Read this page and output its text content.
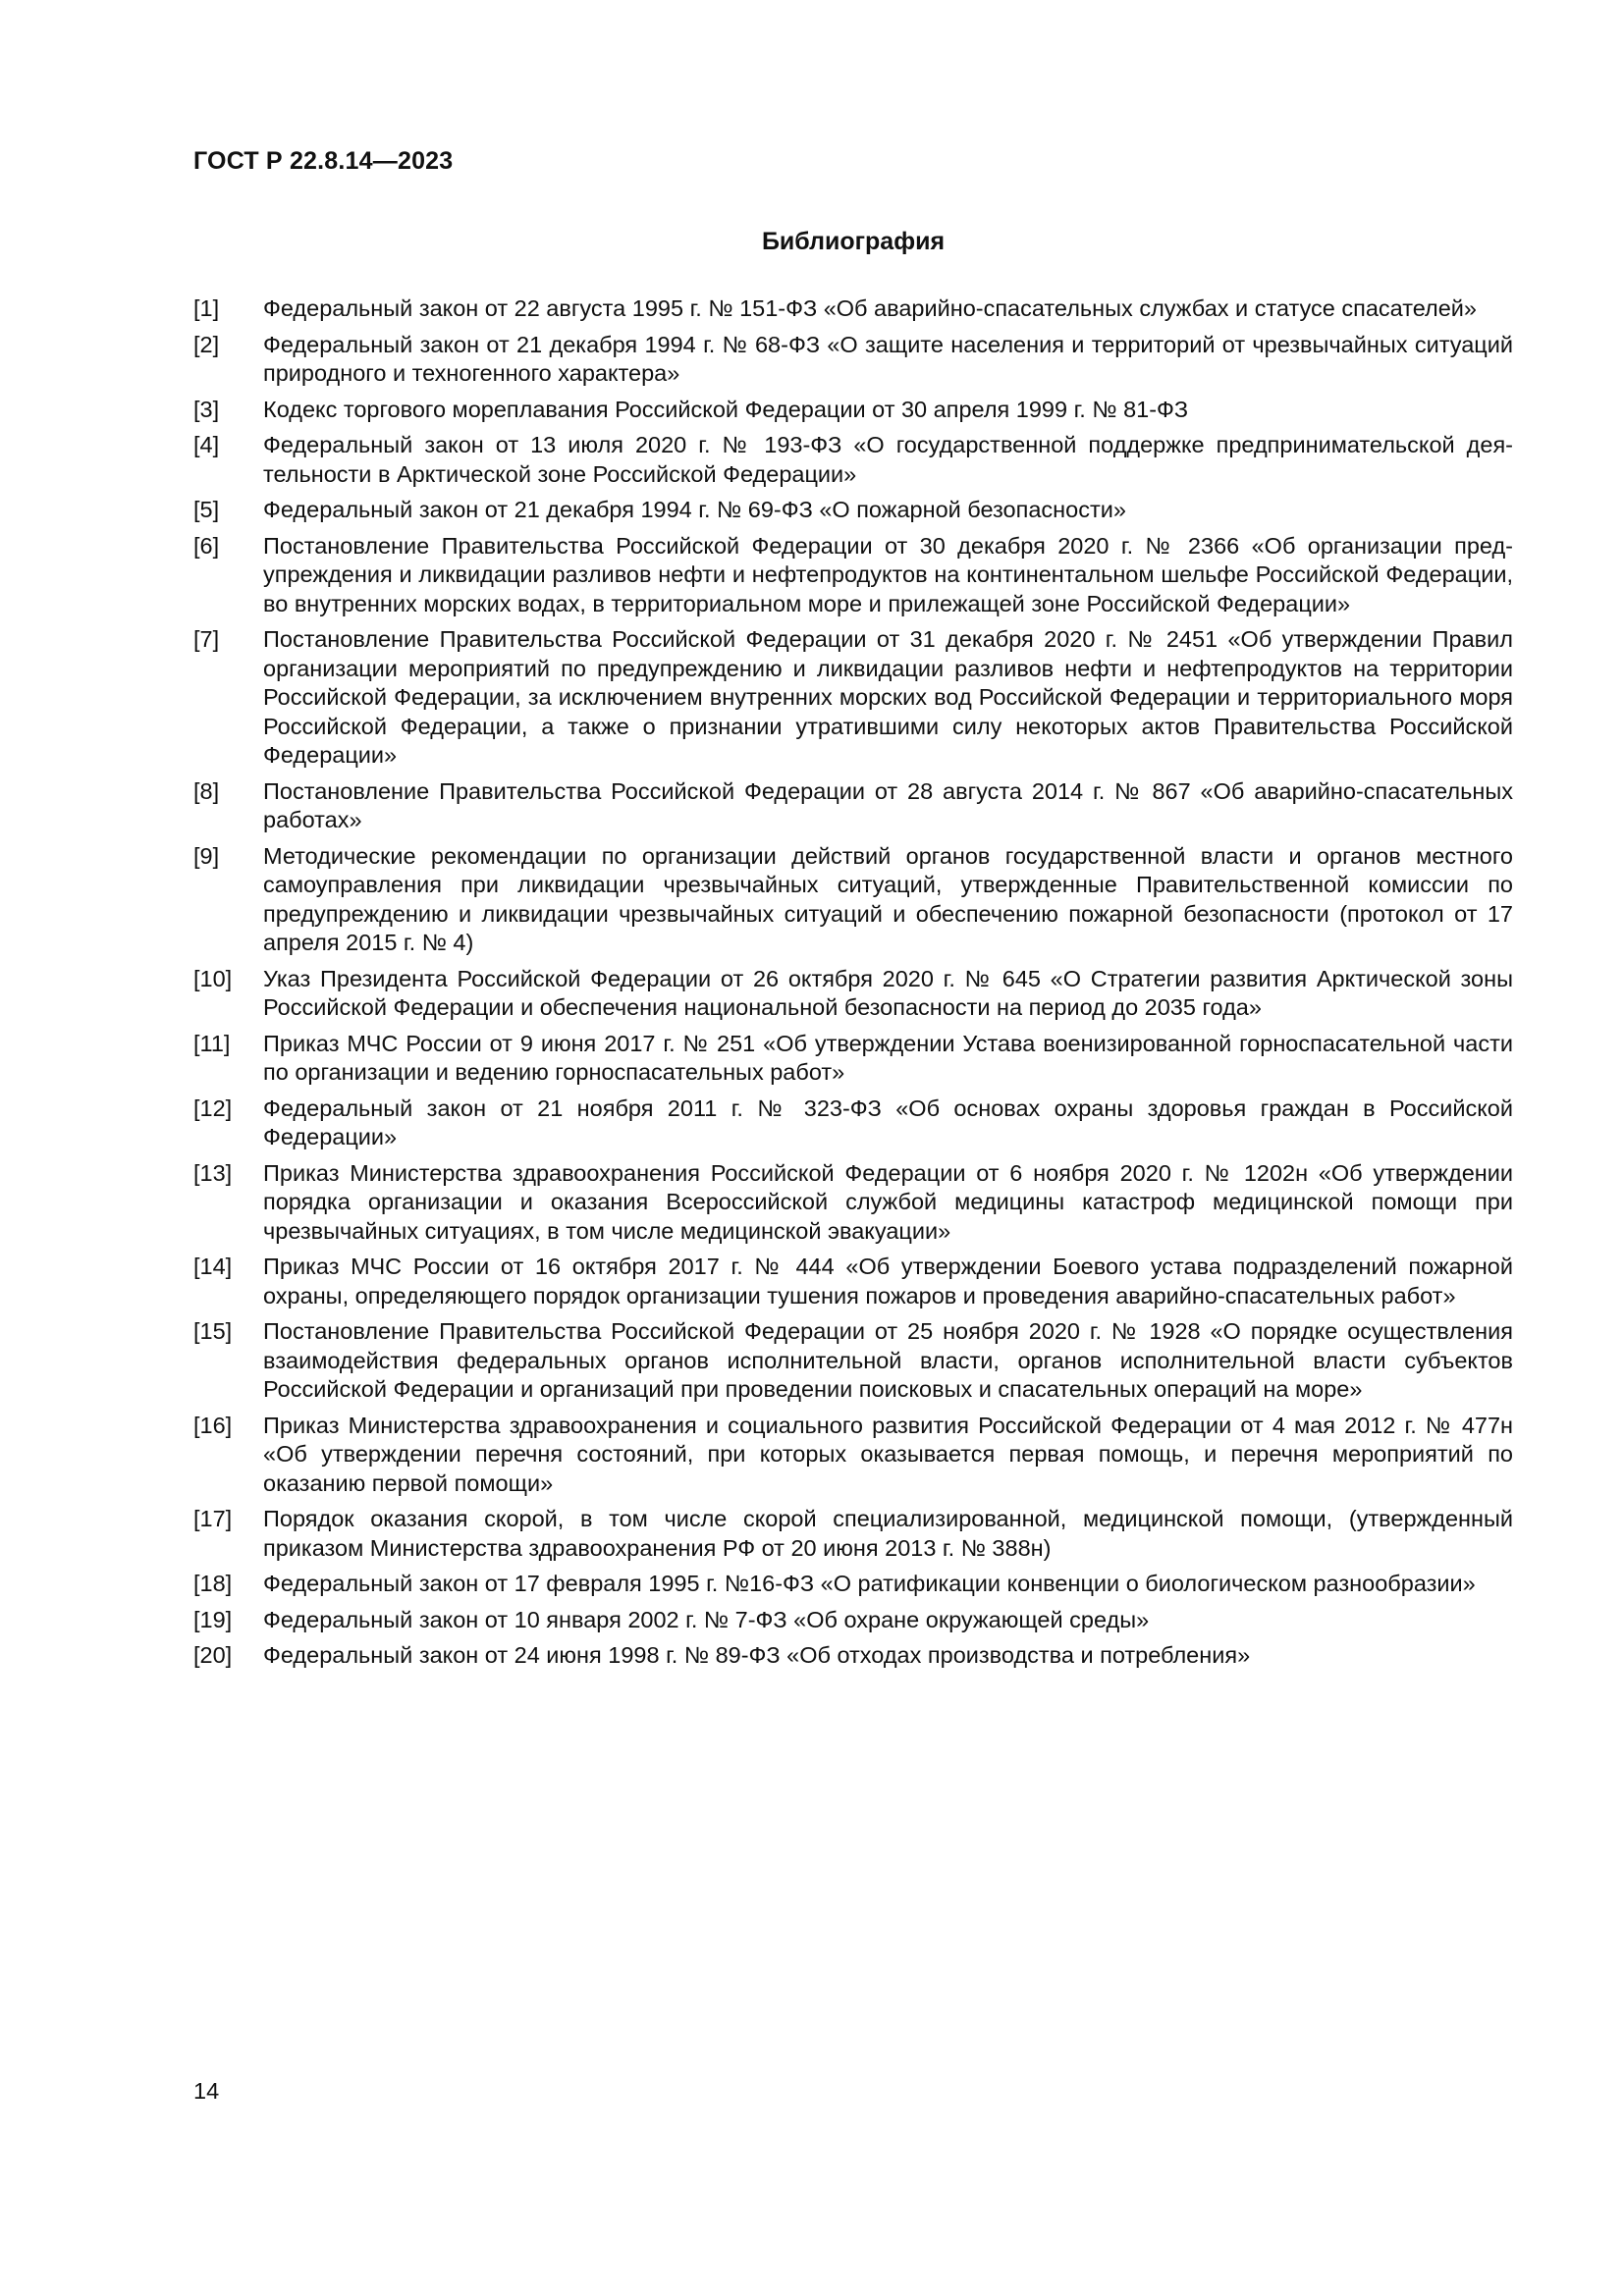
ГОСТ Р 22.8.14—2023
Библиография
[1]	Федеральный закон от 22 августа 1995 г. № 151-ФЗ «Об аварийно-спасательных службах и статусе спасателей»
[2]	Федеральный закон от 21 декабря 1994 г. № 68-ФЗ «О защите населения и территорий от чрезвычайных ситуаций природного и техногенного характера»
[3]	Кодекс торгового мореплавания Российской Федерации от 30 апреля 1999 г. № 81-ФЗ
[4]	Федеральный закон от 13 июля 2020 г. № 193-ФЗ «О государственной поддержке предпринимательской деятельности в Арктической зоне Российской Федерации»
[5]	Федеральный закон от 21 декабря 1994 г. № 69-ФЗ «О пожарной безопасности»
[6]	Постановление Правительства Российской Федерации от 30 декабря 2020 г. № 2366 «Об организации предупреждения и ликвидации разливов нефти и нефтепродуктов на континентальном шельфе Российской Федерации, во внутренних морских водах, в территориальном море и прилежащей зоне Российской Федерации»
[7]	Постановление Правительства Российской Федерации от 31 декабря 2020 г. № 2451 «Об утверждении Правил организации мероприятий по предупреждению и ликвидации разливов нефти и нефтепродуктов на территории Российской Федерации, за исключением внутренних морских вод Российской Федерации и территориального моря Российской Федерации, а также о признании утратившими силу некоторых актов Правительства Российской Федерации»
[8]	Постановление Правительства Российской Федерации от 28 августа 2014 г. № 867 «Об аварийно-спасательных работах»
[9]	Методические рекомендации по организации действий органов государственной власти и органов местного самоуправления при ликвидации чрезвычайных ситуаций, утвержденные Правительственной комиссии по предупреждению и ликвидации чрезвычайных ситуаций и обеспечению пожарной безопасности (протокол от 17 апреля 2015 г. № 4)
[10]	Указ Президента Российской Федерации от 26 октября 2020 г. № 645 «О Стратегии развития Арктической зоны Российской Федерации и обеспечения национальной безопасности на период до 2035 года»
[11]	Приказ МЧС России от 9 июня 2017 г. № 251 «Об утверждении Устава военизированной горноспасательной части по организации и ведению горноспасательных работ»
[12]	Федеральный закон от 21 ноября 2011 г. № 323-ФЗ «Об основах охраны здоровья граждан в Российской Федерации»
[13]	Приказ Министерства здравоохранения Российской Федерации от 6 ноября 2020 г. № 1202н «Об утверждении порядка организации и оказания Всероссийской службой медицины катастроф медицинской помощи при чрезвычайных ситуациях, в том числе медицинской эвакуации»
[14]	Приказ МЧС России от 16 октября 2017 г. № 444 «Об утверждении Боевого устава подразделений пожарной охраны, определяющего порядок организации тушения пожаров и проведения аварийно-спасательных работ»
[15]	Постановление Правительства Российской Федерации от 25 ноября 2020 г. № 1928 «О порядке осуществления взаимодействия федеральных органов исполнительной власти, органов исполнительной власти субъектов Российской Федерации и организаций при проведении поисковых и спасательных операций на море»
[16]	Приказ Министерства здравоохранения и социального развития Российской Федерации от 4 мая 2012 г. № 477н «Об утверждении перечня состояний, при которых оказывается первая помощь, и перечня мероприятий по оказанию первой помощи»
[17]	Порядок оказания скорой, в том числе скорой специализированной, медицинской помощи, (утвержденный приказом Министерства здравоохранения РФ от 20 июня 2013 г. № 388н)
[18]	Федеральный закон от 17 февраля 1995 г. №16-ФЗ «О ратификации конвенции о биологическом разнообразии»
[19]	Федеральный закон от 10 января 2002 г. № 7-ФЗ «Об охране окружающей среды»
[20]	Федеральный закон от 24 июня 1998 г. № 89-ФЗ «Об отходах производства и потребления»
14
